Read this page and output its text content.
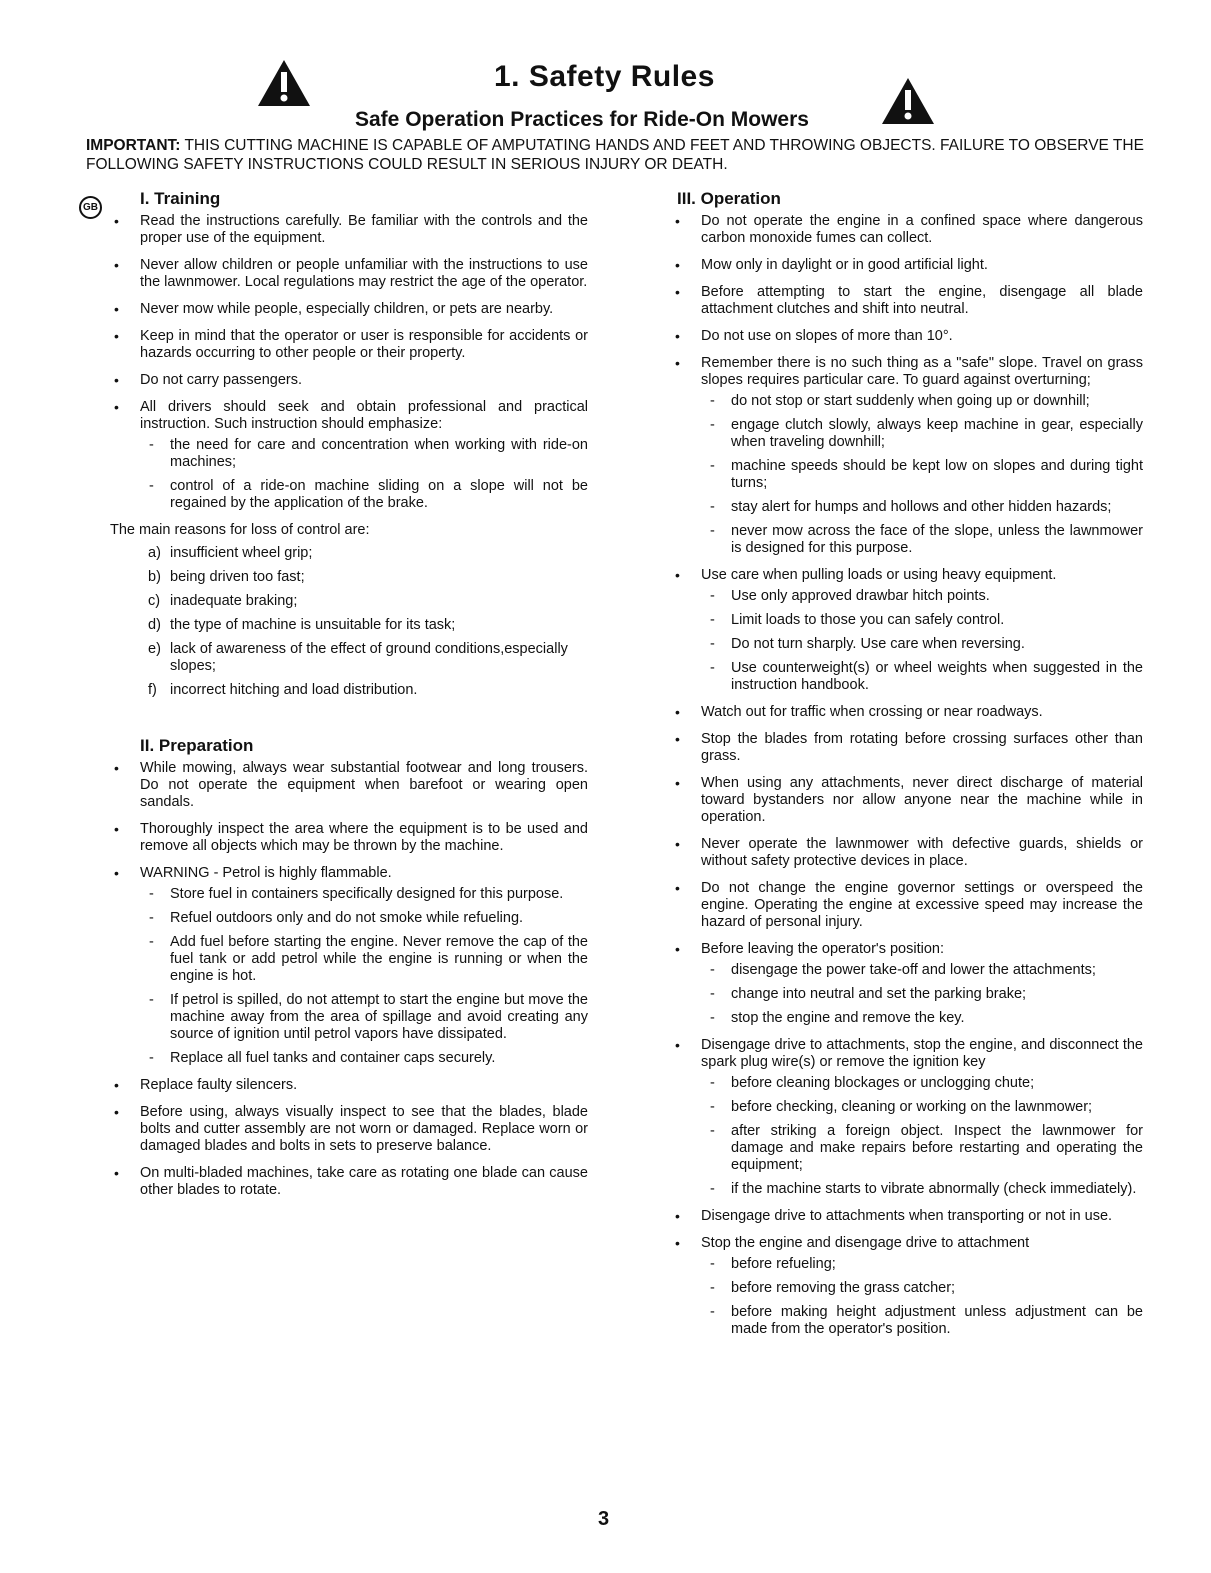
1. Safety Rules
Safe Operation Practices for Ride-On Mowers

IMPORTANT: THIS CUTTING MACHINE IS CAPABLE OF AMPUTATING HANDS AND FEET AND THROWING OBJECTS. FAILURE TO OBSERVE THE FOLLOWING SAFETY INSTRUCTIONS COULD RESULT IN SERIOUS INJURY OR DEATH.

GB I. Training
• Read the instructions carefully. Be familiar with the controls and the proper use of the equipment.
• Never allow children or people unfamiliar with the instructions to use the lawnmower. Local regulations may restrict the age of the operator.
• Never mow while people, especially children, or pets are nearby.
• Keep in mind that the operator or user is responsible for accidents or hazards occurring to other people or their property.
• Do not carry passengers.
• All drivers should seek and obtain professional and practical instruction. Such instruction should emphasize:
- the need for care and concentration when working with ride-on machines;
- control of a ride-on machine sliding on a slope will not be regained by the application of the brake.

The main reasons for loss of control are:

a) insufficient wheel grip;
b) being driven too fast;
c) inadequate braking;
d) the type of machine is unsuitable for its task;
e) lack of awareness of the effect of ground conditions,especially slopes;
f) incorrect hitching and load distribution.
II. Preparation
• While mowing, always wear substantial footwear and long trousers. Do not operate the equipment when barefoot or wearing open sandals.
• Thoroughly inspect the area where the equipment is to be used and remove all objects which may be thrown by the machine.
• WARNING - Petrol is highly flammable.
- Store fuel in containers specifically designed for this purpose.
- Refuel outdoors only and do not smoke while refueling.
- Add fuel before starting the engine. Never remove the cap of the fuel tank or add petrol while the engine is running or when the engine is hot.
- If petrol is spilled, do not attempt to start the engine but move the machine away from the area of spillage and avoid creating any source of ignition until petrol vapors have dissipated.
- Replace all fuel tanks and container caps securely.
• Replace faulty silencers.
• Before using, always visually inspect to see that the blades, blade bolts and cutter assembly are not worn or damaged. Replace worn or damaged blades and bolts in sets to preserve balance.
• On multi-bladed machines, take care as rotating one blade can cause other blades to rotate.
III. Operation
• Do not operate the engine in a confined space where dangerous carbon monoxide fumes can collect.
• Mow only in daylight or in good artificial light.
• Before attempting to start the engine, disengage all blade attachment clutches and shift into neutral.
• Do not use on slopes of more than 10°.
• Remember there is no such thing as a "safe" slope. Travel on grass slopes requires particular care. To guard against overturning;
- do not stop or start suddenly when going up or downhill;
- engage clutch slowly, always keep machine in gear, especially when traveling downhill;
- machine speeds should be kept low on slopes and during tight turns;
- stay alert for humps and hollows and other hidden hazards;
- never mow across the face of the slope, unless the lawnmower is designed for this purpose.
• Use care when pulling loads or using heavy equipment.
- Use only approved drawbar hitch points.
- Limit loads to those you can safely control.
- Do not turn sharply. Use care when reversing.
- Use counterweight(s) or wheel weights when suggested in the instruction handbook.
• Watch out for traffic when crossing or near roadways.
• Stop the blades from rotating before crossing surfaces other than grass.
• When using any attachments, never direct discharge of material toward bystanders nor allow anyone near the machine while in operation.
• Never operate the lawnmower with defective guards, shields or without safety protective devices in place.
• Do not change the engine governor settings or overspeed the engine. Operating the engine at excessive speed may increase the hazard of personal injury.
• Before leaving the operator's position:
- disengage the power take-off and lower the attachments;
- change into neutral and set the parking brake;
- stop the engine and remove the key.
• Disengage drive to attachments, stop the engine, and disconnect the spark plug wire(s) or remove the ignition key
- before cleaning blockages or unclogging chute;
- before checking, cleaning or working on the lawnmower;
- after striking a foreign object. Inspect the lawnmower for damage and make repairs before restarting and operating the equipment;
- if the machine starts to vibrate abnormally (check immediately).
• Disengage drive to attachments when transporting or not in use.
• Stop the engine and disengage drive to attachment
- before refueling;
- before removing the grass catcher;
- before making height adjustment unless adjustment can be made from the operator's position.

3
